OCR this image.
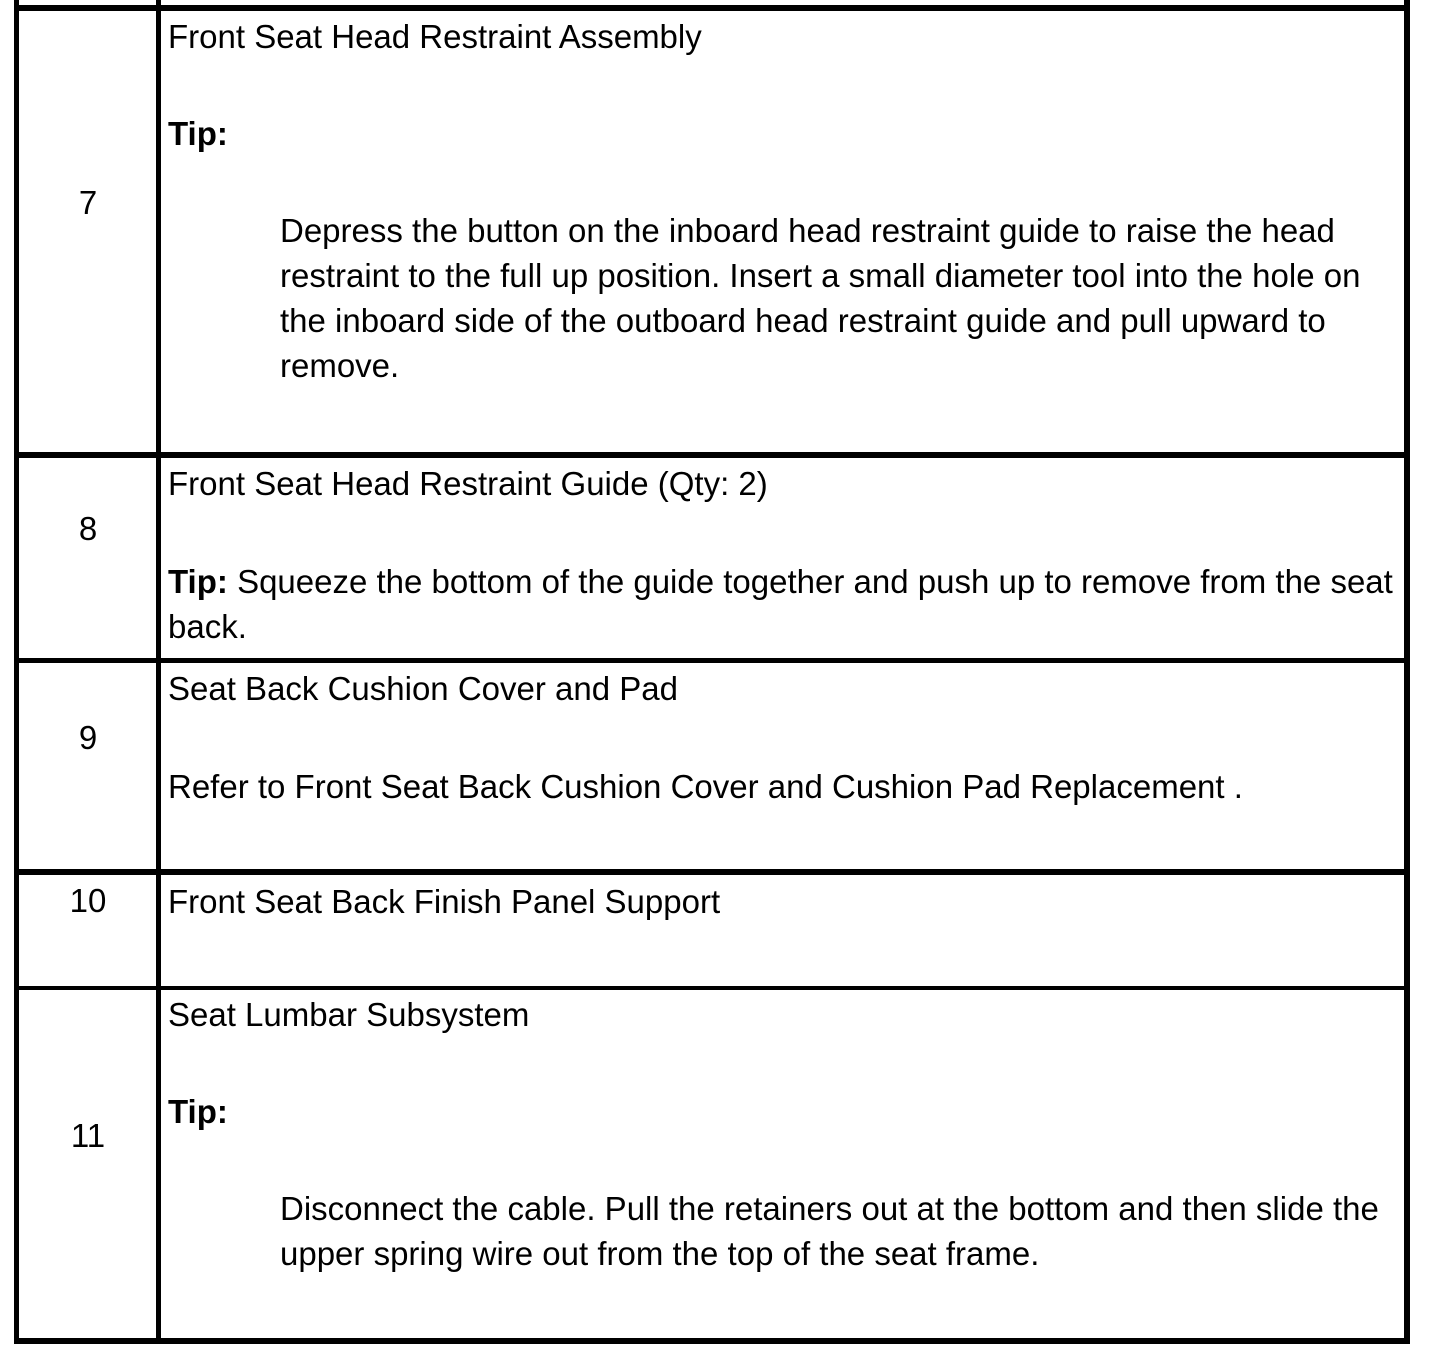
7

Front Seat Head Restraint Assembly

Tip:

Depress the button on the inboard head restraint guide to raise the head restraint to the full up position. Insert a small diameter tool into the hole on the inboard side of the outboard head restraint guide and pull upward to remove.

8

Front Seat Head Restraint Guide (Qty: 2)

Tip: Squeeze the bottom of the guide together and push up to remove from the seat back.

9

Seat Back Cushion Cover and Pad

Refer to Front Seat Back Cushion Cover and Cushion Pad Replacement .

10	Front Seat Back Finish Panel Support

11

Seat Lumbar Subsystem

Tip:

Disconnect the cable. Pull the retainers out at the bottom and then slide the upper spring wire out from the top of the seat frame.
